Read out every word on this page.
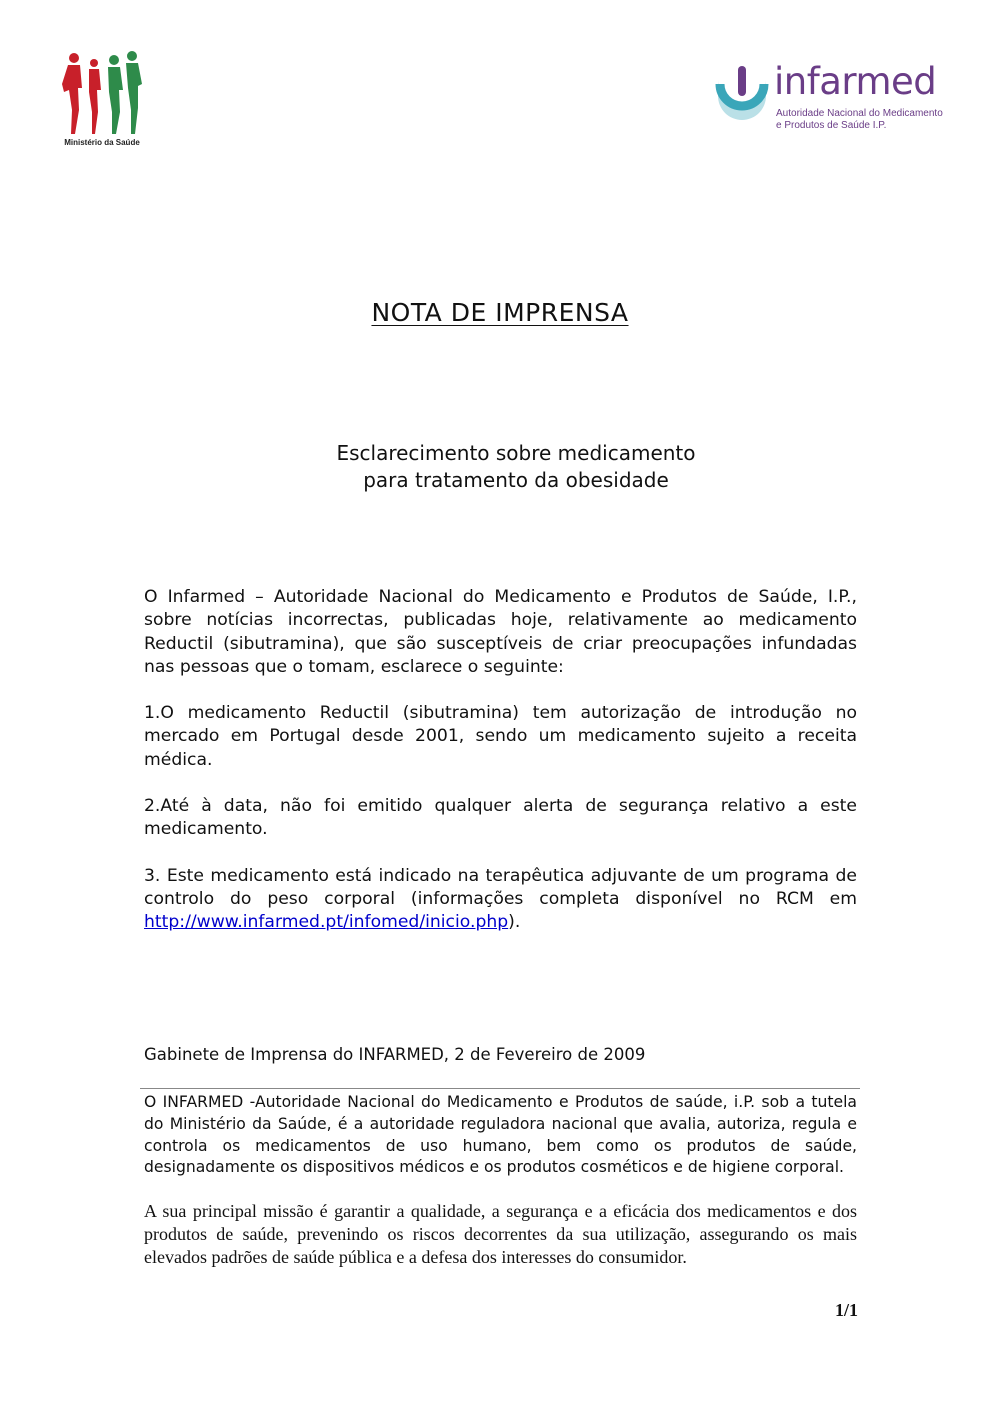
Ministério da Saúde
infarmed
Autoridade Nacional do Medicamento
e Produtos de Saúde I.P.
NOTA DE IMPRENSA
Esclarecimento sobre medicamento
para tratamento da obesidade

O Infarmed – Autoridade Nacional do Medicamento e Produtos de Saúde, I.P., sobre notícias incorrectas, publicadas hoje, relativamente ao medicamento Reductil (sibutramina), que são susceptíveis de criar preocupações infundadas nas pessoas que o tomam, esclarece o seguinte:

1.O medicamento Reductil (sibutramina) tem autorização de introdução no mercado em Portugal desde 2001, sendo um medicamento sujeito a receita médica.

2.Até à data, não foi emitido qualquer alerta de segurança relativo a este medicamento.

3. Este medicamento está indicado na terapêutica adjuvante de um programa de controlo do peso corporal (informações completa disponível no RCM em http://www.infarmed.pt/infomed/inicio.php).

Gabinete de Imprensa do INFARMED, 2 de Fevereiro de 2009

O INFARMED -Autoridade Nacional do Medicamento e Produtos de saúde, i.P. sob a tutela do Ministério da Saúde, é a autoridade reguladora nacional que avalia, autoriza, regula e controla os medicamentos de uso humano, bem como os produtos de saúde, designadamente os dispositivos médicos e os produtos cosméticos e de higiene corporal.

A sua principal missão é garantir a qualidade, a segurança e a eficácia dos medicamentos e dos produtos de saúde, prevenindo os riscos decorrentes da sua utilização, assegurando os mais elevados padrões de saúde pública e a defesa dos interesses do consumidor.
1/1
